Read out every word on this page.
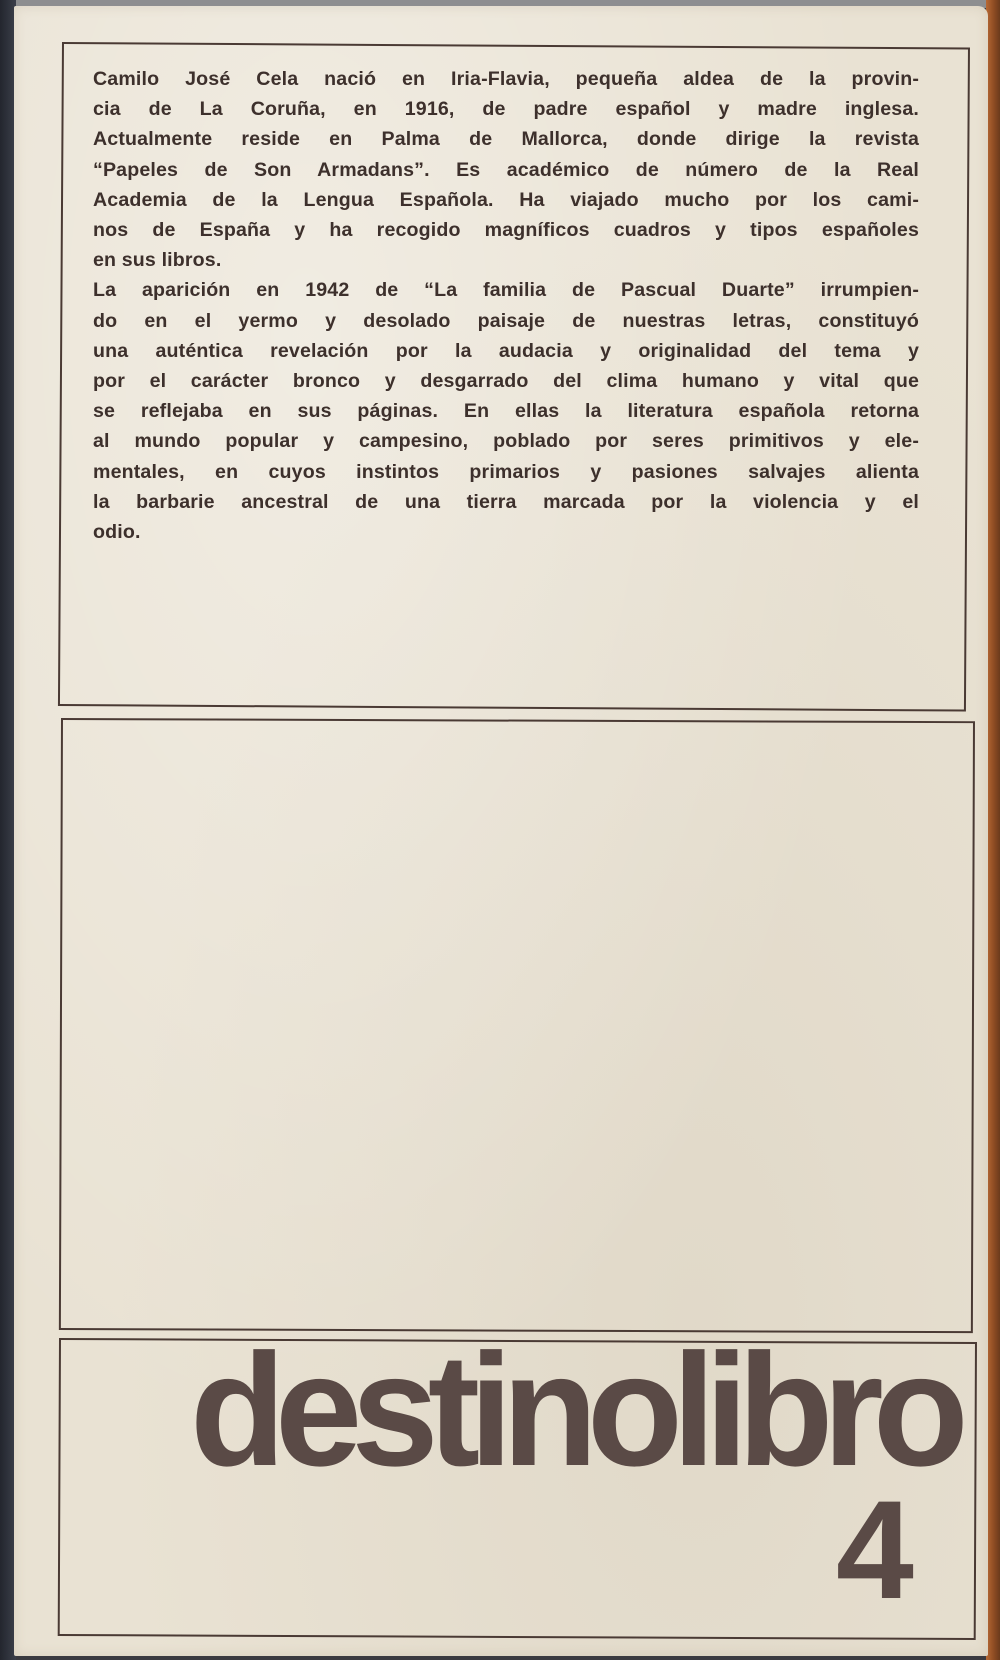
Camilo José Cela nació en Iria-Flavia, pequeña aldea de la provin-
cia de La Coruña, en 1916, de padre español y madre inglesa.
Actualmente reside en Palma de Mallorca, donde dirige la revista
“Papeles de Son Armadans”. Es académico de número de la Real
Academia de la Lengua Española. Ha viajado mucho por los cami-
nos de España y ha recogido magníficos cuadros y tipos españoles
en sus libros.

La aparición en 1942 de “La familia de Pascual Duarte” irrumpien-
do en el yermo y desolado paisaje de nuestras letras, constituyó
una auténtica revelación por la audacia y originalidad del tema y
por el carácter bronco y desgarrado del clima humano y vital que
se reflejaba en sus páginas. En ellas la literatura española retorna
al mundo popular y campesino, poblado por seres primitivos y ele-
mentales, en cuyos instintos primarios y pasiones salvajes alienta
la barbarie ancestral de una tierra marcada por la violencia y el
odio.

destinolibro
4
